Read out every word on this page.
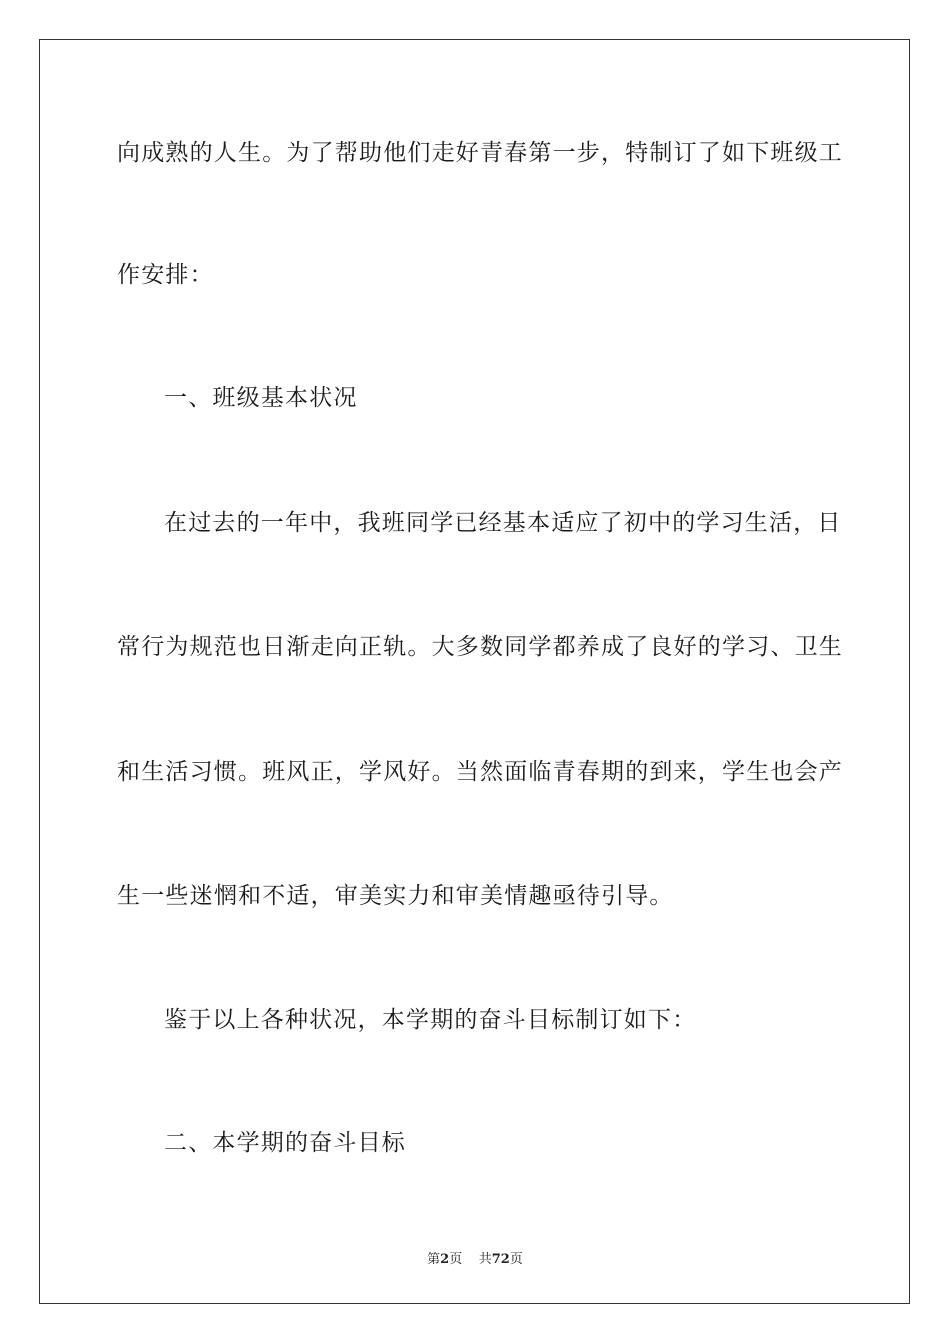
向成熟的人生。为了帮助他们走好青春第一步，特制订了如下班级工
作安排：
一、班级基本状况
在过去的一年中，我班同学已经基本适应了初中的学习生活，日
常行为规范也日渐走向正轨。大多数同学都养成了良好的学习、卫生
和生活习惯。班风正，学风好。当然面临青春期的到来，学生也会产
生一些迷惘和不适，审美实力和审美情趣亟待引导。
鉴于以上各种状况，本学期的奋斗目标制订如下：
二、本学期的奋斗目标
第2页 共72页
